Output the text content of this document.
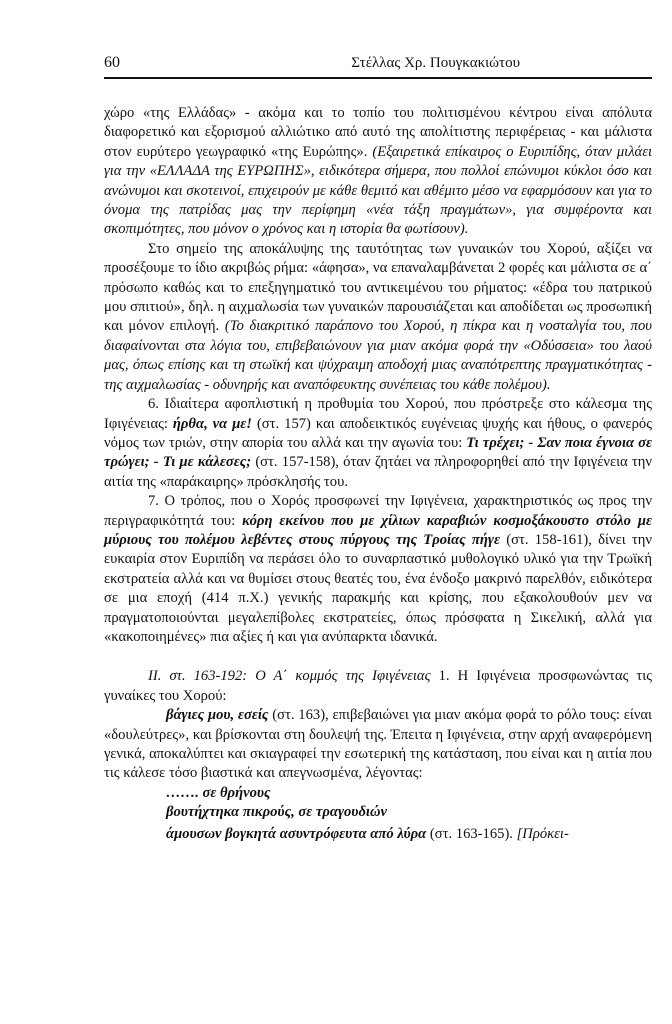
60	Στέλλας Χρ. Πουγκακιώτου

χώρο «της Ελλάδας» - ακόμα και το τοπίο του πολιτισμένου κέντρου είναι απόλυτα διαφορετικό και εξορισμού αλλιώτικο από αυτό της απολίτιστης περιφέρειας - και μάλιστα στον ευρύτερο γεωγραφικό «της Ευρώπης». (Εξαιρετικά επίκαιρος ο Ευριπίδης, όταν μιλάει για την «ΕΛΛΑΔΑ της ΕΥΡΩΠΗΣ», ειδικότερα σήμερα, που πολλοί επώνυμοι κύκλοι όσο και ανώνυμοι και σκοτεινοί, επιχειρούν με κάθε θεμιτό και αθέμιτο μέσο να εφαρμόσουν και για το όνομα της πατρίδας μας την περίφημη «νέα τάξη πραγμάτων», για συμφέροντα και σκοπιμότητες, που μόνον ο χρόνος και η ιστορία θα φωτίσουν).

Στο σημείο της αποκάλυψης της ταυτότητας των γυναικών του Χορού, αξίζει να προσέξουμε το ίδιο ακριβώς ρήμα: «άφησα», να επαναλαμβάνεται 2 φορές και μάλιστα σε α΄ πρόσωπο καθώς και το επεξηγηματικό του αντικειμένου του ρήματος: «έδρα του πατρικού μου σπιτιού», δηλ. η αιχμαλωσία των γυναικών παρουσιάζεται και αποδίδεται ως προσωπική και μόνον επιλογή. (Το διακριτικό παράπονο του Χορού, η πίκρα και η νοσταλγία του, που διαφαίνονται στα λόγια του, επιβεβαιώνουν για μιαν ακόμα φορά την «Οδύσσεια» του λαού μας, όπως επίσης και τη στωϊκή και ψύχραιμη αποδοχή μιας αναπότρεπτης πραγματικότητας - της αιχμαλωσίας - οδυνηρής και αναπόφευκτης συνέπειας του κάθε πολέμου).

6. Ιδιαίτερα αφοπλιστική η προθυμία του Χορού, που πρόστρεξε στο κάλεσμα της Ιφιγένειας: ήρθα, να με! (στ. 157) και αποδεικτικός ευγένειας ψυχής και ήθους, ο φανερός νόμος των τριών, στην απορία του αλλά και την αγωνία του: Τι τρέχει; - Σαν ποια έγνοια σε τρώγει; - Τι με κάλεσες; (στ. 157-158), όταν ζητάει να πληροφορηθεί από την Ιφιγένεια την αιτία της «παράκαιρης» πρόσκλησής του.

7. Ο τρόπος, που ο Χορός προσφωνεί την Ιφιγένεια, χαρακτηριστικός ως προς την περιγραφικότητά του: κόρη εκείνου που με χίλιων καραβιών κοσμοξάκουστο στόλο με μύριους του πολέμου λεβέντες στους πύργους της Τροίας πήγε (στ. 158-161), δίνει την ευκαιρία στον Ευριπίδη να περάσει όλο το συναρπαστικό μυθολογικό υλικό για την Τρωϊκή εκστρατεία αλλά και να θυμίσει στους θεατές του, ένα ένδοξο μακρινό παρελθόν, ειδικότερα σε μια εποχή (414 π.Χ.) γενικής παρακμής και κρίσης, που εξακολουθούν μεν να πραγματοποιούνται μεγαλεπίβολες εκστρατείες, όπως πρόσφατα η Σικελική, αλλά για «κακοποιημένες» πια αξίες ή και για ανύπαρκτα ιδανικά.

ΙΙ. στ. 163-192: Ο Α΄ κομμός της Ιφιγένειας 1. Η Ιφιγένεια προσφωνώντας τις γυναίκες του Χορού:

βάγιες μου, εσείς (στ. 163), επιβεβαιώνει για μιαν ακόμα φορά το ρόλο τους: είναι «δουλεύτρες», και βρίσκονται στη δουλεψή της. Έπειτα η Ιφιγένεια, στην αρχή αναφερόμενη γενικά, αποκαλύπτει και σκιαγραφεί την εσωτερική της κατάσταση, που είναι και η αιτία που τις κάλεσε τόσο βιαστικά και απεγνωσμένα, λέγοντας:

……. σε θρήνους

βουτήχτηκα πικρούς, σε τραγουδιών

άμουσων βογκητά ασυντρόφευτα από λύρα (στ. 163-165). [Πρόκει-
